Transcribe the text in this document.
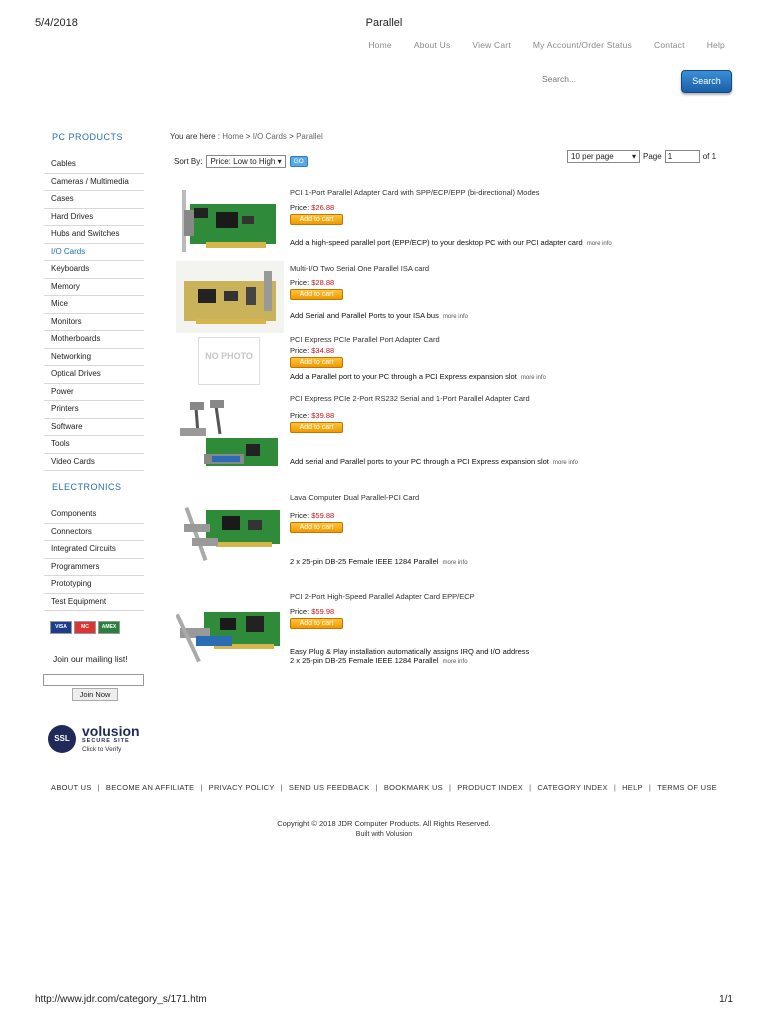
5/4/2018	Parallel
http://www.jdr.com/category_s/171.htm	1/1
Home	About Us	View Cart	My Account/Order Status	Contact	Help
Search...
Search
PC PRODUCTS
Cables
Cameras / Multimedia
Cases
Hard Drives
Hubs and Switches
I/O Cards
Keyboards
Memory
Mice
Monitors
Motherboards
Networking
Optical Drives
Power
Printers
Software
Tools
Video Cards
ELECTRONICS
Components
Connectors
Integrated Circuits
Programmers
Prototyping
Test Equipment
VISA	MC	AMEX
Join our mailing list!
Join Now
SSL volusion
SECURE SITE
Click to Verify
You are here : Home > I/O Cards > Parallel
Sort By:	Price: Low to High ▾	GO
10 per page ▾ Page 1	of 1
PCI 1-Port Parallel Adapter Card with SPP/ECP/EPP (bi-directional) Modes
Price: $26.88
Add to cart
Add a high-speed parallel port (EPP/ECP) to your desktop PC with our PCI adapter card more info
Multi-I/O Two Serial One Parallel ISA card
Price: $28.88
Add to cart
Add Serial and Parallel Ports to your ISA bus more info
NO PHOTO
PCI Express PCIe Parallel Port Adapter Card
Price: $34.88
Add to cart
Add a Parallel port to your PC through a PCI Express expansion slot more info
PCI Express PCIe 2-Port RS232 Serial and 1-Port Parallel Adapter Card
Price: $39.88
Add to cart
Add serial and Parallel ports to your PC through a PCI Express expansion slot more info
Lava Computer Dual Parallel-PCI Card
Price: $59.88
Add to cart
2 x 25-pin DB-25 Female IEEE 1284 Parallel more info
PCI 2-Port High-Speed Parallel Adapter Card EPP/ECP
Price: $59.98
Add to cart
Easy Plug & Play installation automatically assigns IRQ and I/O address
2 x 25-pin DB-25 Female IEEE 1284 Parallel more info
ABOUT US | BECOME AN AFFILIATE | PRIVACY POLICY | SEND US FEEDBACK | BOOKMARK US | PRODUCT INDEX | CATEGORY INDEX | HELP | TERMS OF USE
Copyright © 2018 JDR Computer Products. All Rights Reserved.
Built with Volusion
